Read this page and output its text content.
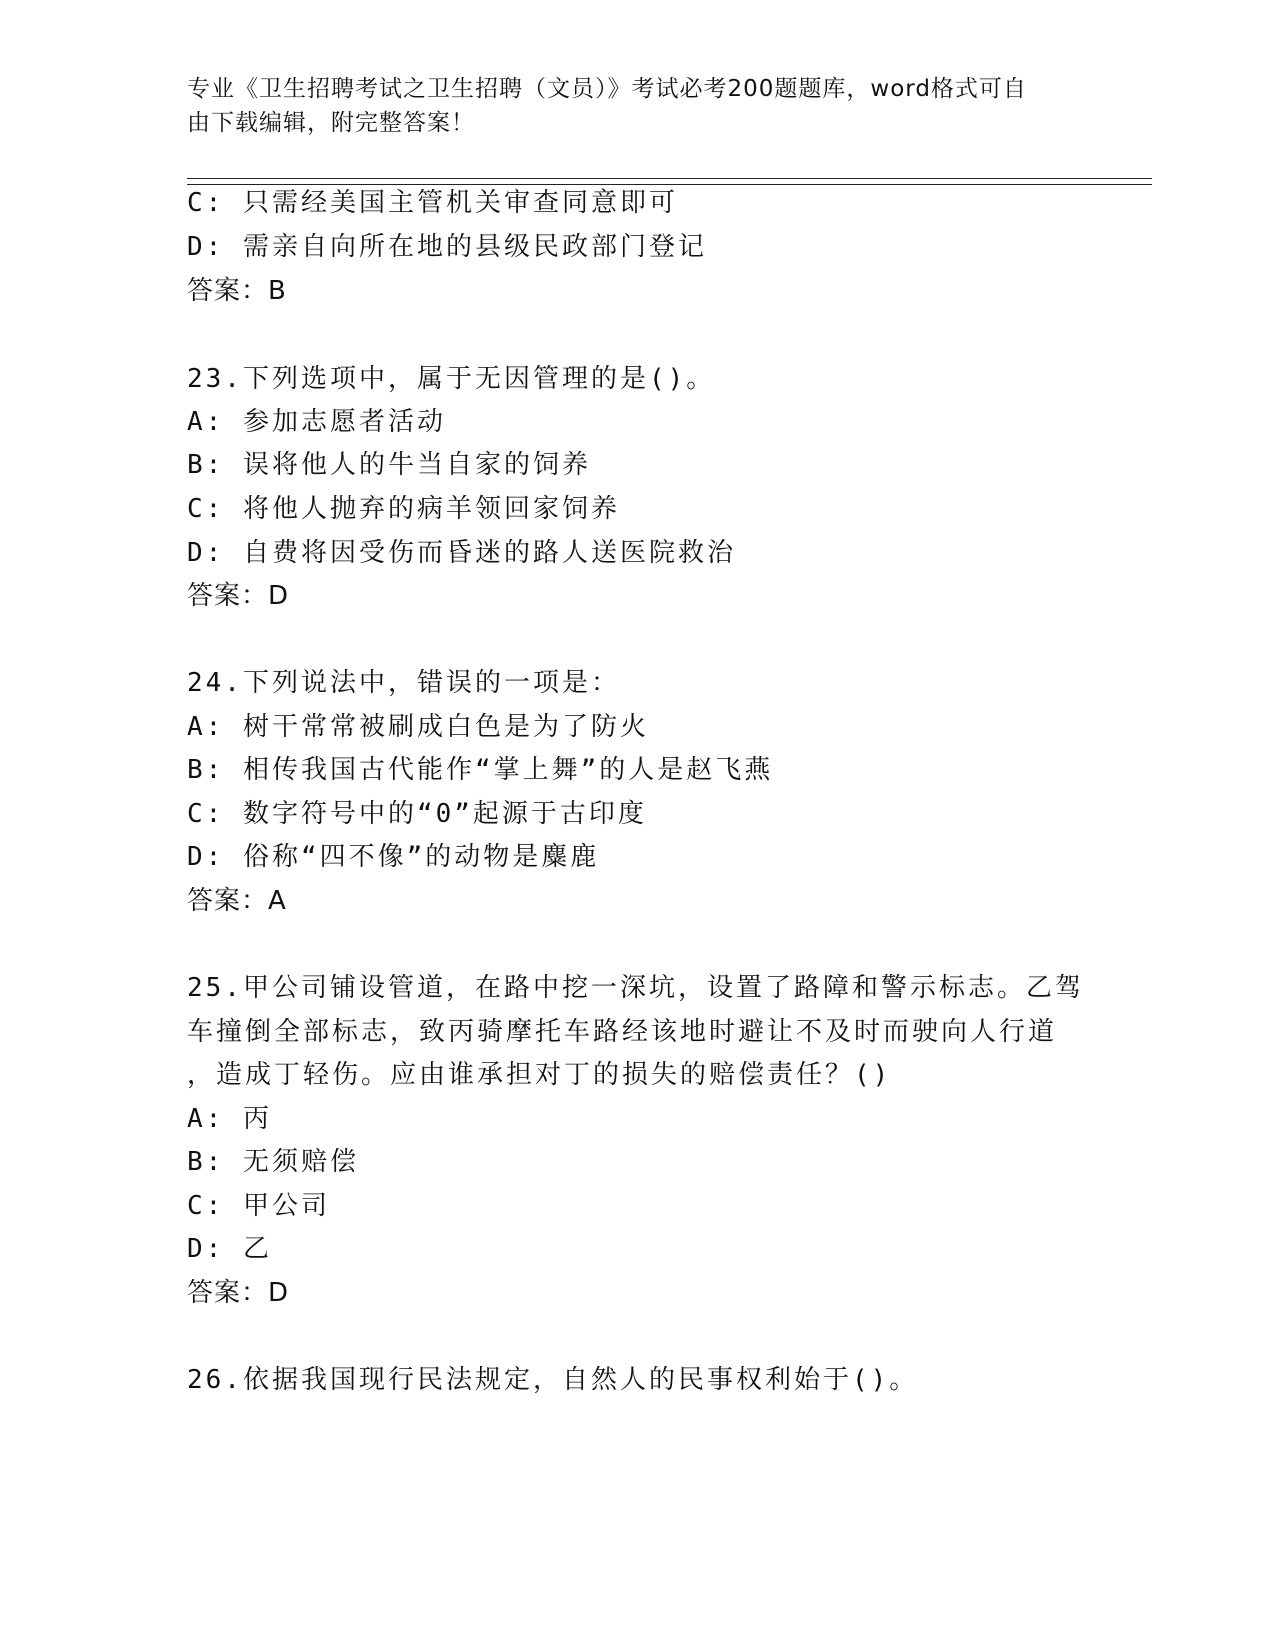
专业《卫生招聘考试之卫生招聘（文员）》考试必考200题题库，word格式可自
由下载编辑，附完整答案！
C: 只需经美国主管机关审查同意即可
D: 需亲自向所在地的县级民政部门登记
答案：B
23.下列选项中，属于无因管理的是()。
A: 参加志愿者活动
B: 误将他人的牛当自家的饲养
C: 将他人抛弃的病羊领回家饲养
D: 自费将因受伤而昏迷的路人送医院救治
答案：D
24.下列说法中，错误的一项是：
A: 树干常常被刷成白色是为了防火
B: 相传我国古代能作“掌上舞”的人是赵飞燕
C: 数字符号中的“0”起源于古印度
D: 俗称“四不像”的动物是麋鹿
答案：A
25.甲公司铺设管道，在路中挖一深坑，设置了路障和警示标志。乙驾
车撞倒全部标志，致丙骑摩托车路经该地时避让不及时而驶向人行道
，造成丁轻伤。应由谁承担对丁的损失的赔偿责任？()
A: 丙
B: 无须赔偿
C: 甲公司
D: 乙
答案：D
26.依据我国现行民法规定，自然人的民事权利始于()。
